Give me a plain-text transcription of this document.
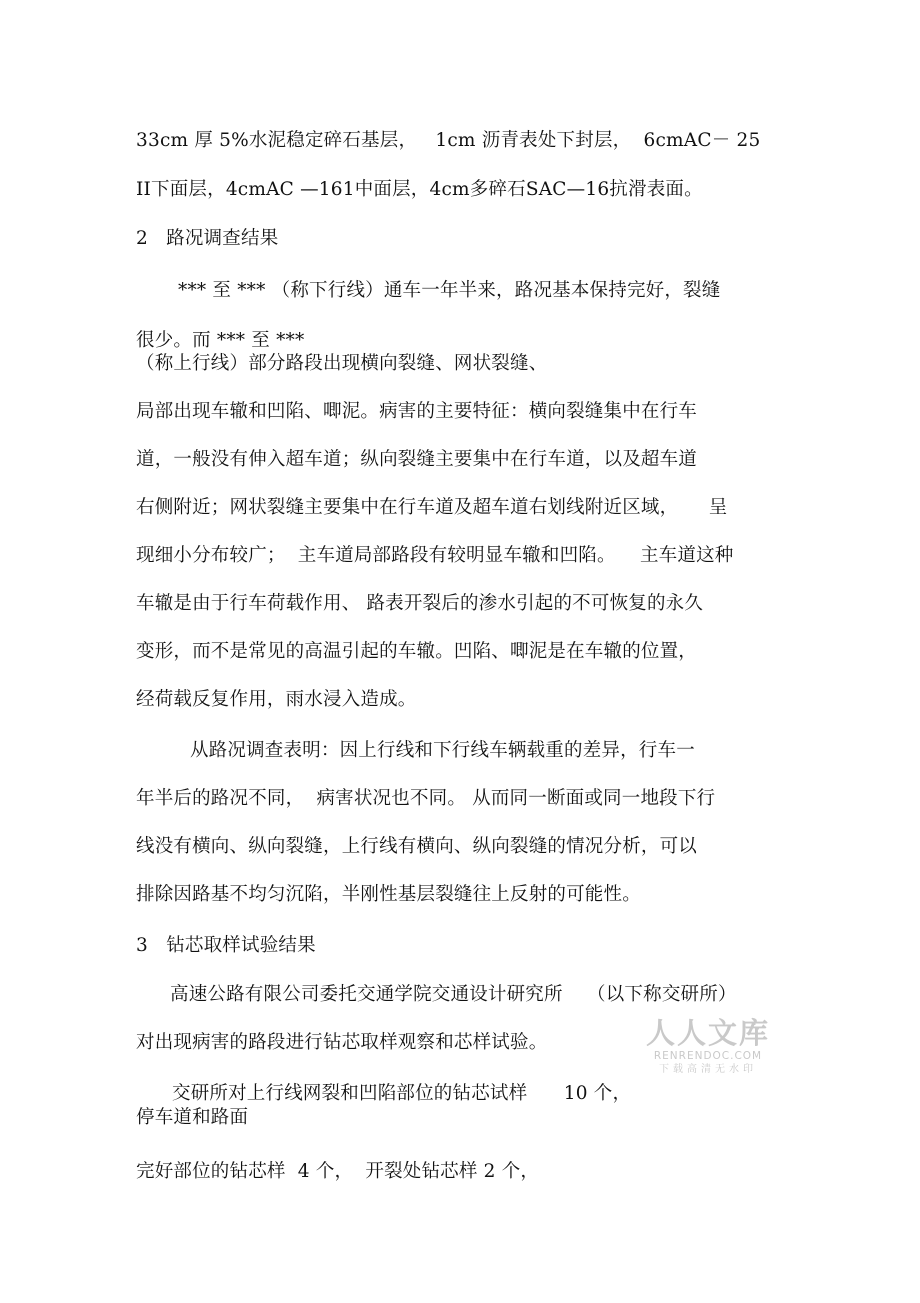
33cm 厚 5%水泥稳定碎石基层，   1cm 沥青表处下封层，  6cmAC－ 25
II下面层，4cmAC —161中面层，4cm多碎石SAC—16抗滑表面。
2   路况调查结果
*** 至 *** （称下行线）通车一年半来，路况基本保持完好，裂缝
很少。而 *** 至 ***
（称上行线）部分路段出现横向裂缝、网状裂缝、
局部出现车辙和凹陷、唧泥。病害的主要特征：横向裂缝集中在行车
道，一般没有伸入超车道；纵向裂缝主要集中在行车道，以及超车道
右侧附近；网状裂缝主要集中在行车道及超车道右划线附近区域，     呈
现细小分布较广；  主车道局部路段有较明显车辙和凹陷。    主车道这种
车辙是由于行车荷载作用、 路表开裂后的渗水引起的不可恢复的永久
变形，而不是常见的高温引起的车辙。凹陷、唧泥是在车辙的位置，
经荷载反复作用，雨水浸入造成。
从路况调查表明：因上行线和下行线车辆载重的差异，行车一
年半后的路况不同，  病害状况也不同。 从而同一断面或同一地段下行
线没有横向、纵向裂缝，上行线有横向、纵向裂缝的情况分析，可以
排除因路基不均匀沉陷，半刚性基层裂缝往上反射的可能性。
3   钻芯取样试验结果
高速公路有限公司委托交通学院交通设计研究所    （以下称交研所）
对出现病害的路段进行钻芯取样观察和芯样试验。
交研所对上行线网裂和凹陷部位的钻芯试样      10 个，
停车道和路面
完好部位的钻芯样  4 个，  开裂处钻芯样 2 个，
人人文库
RENRENDOC.COM
下载高清无水印
